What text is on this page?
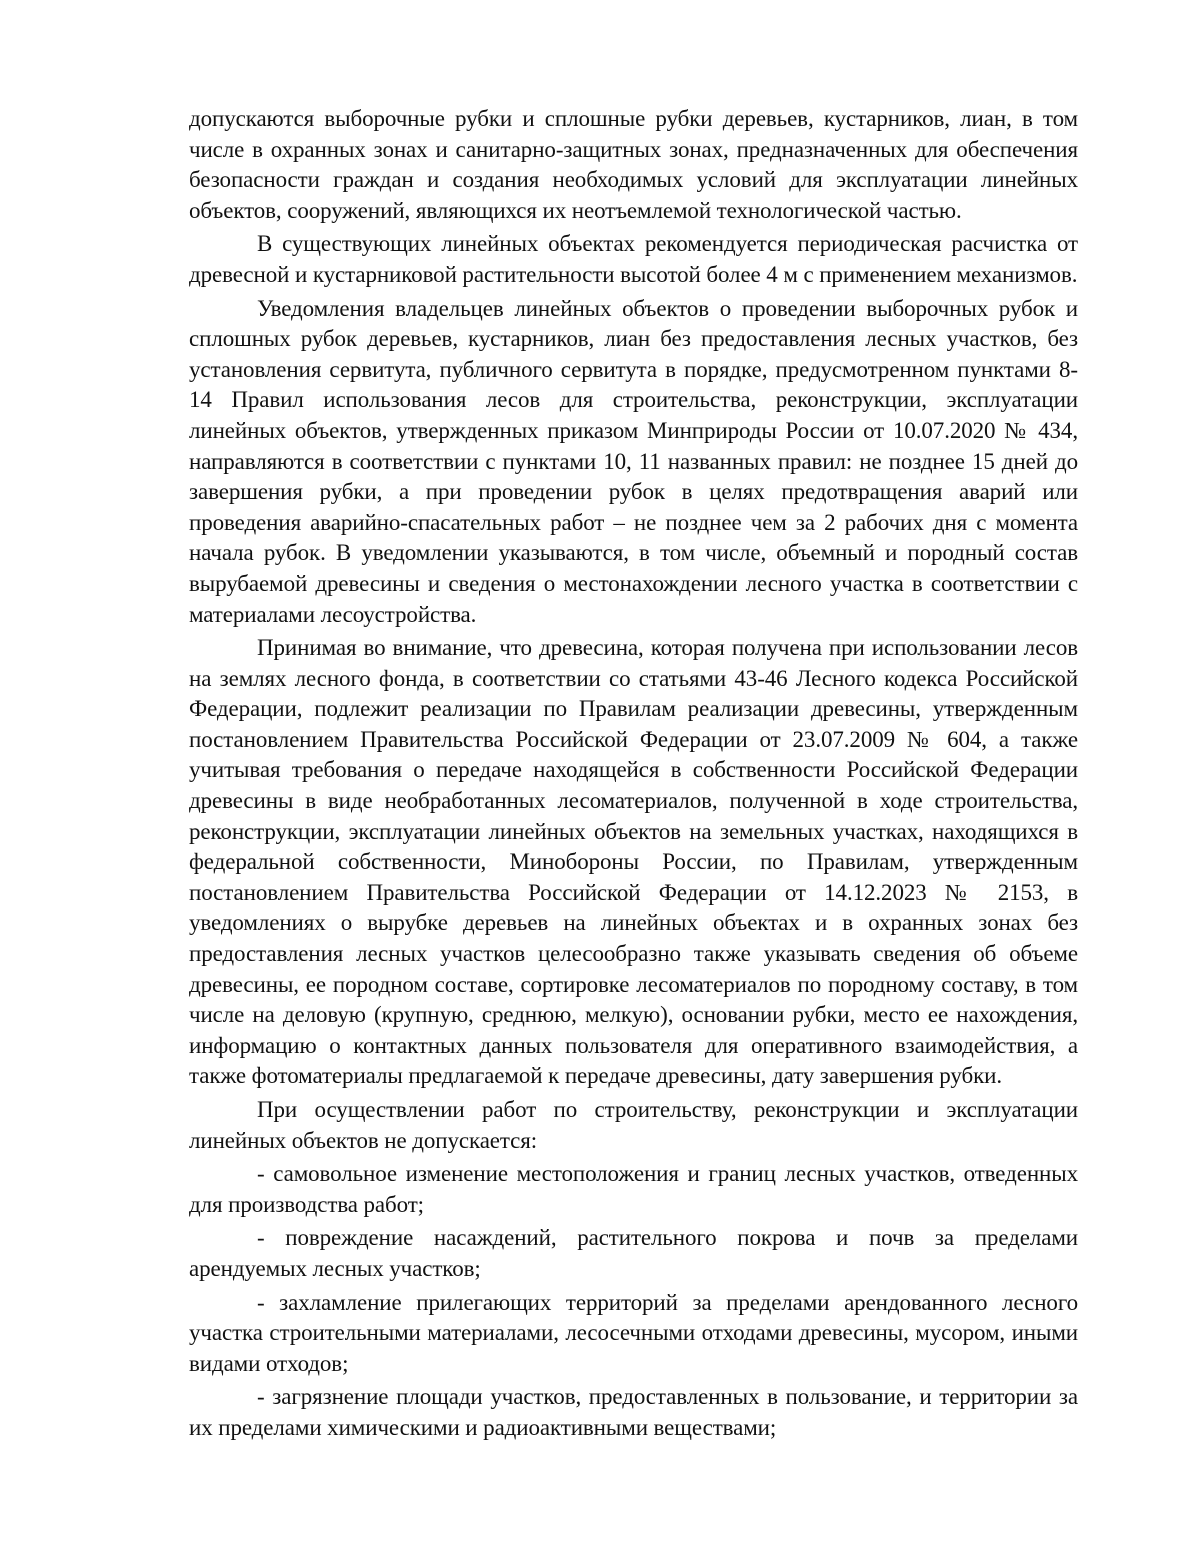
допускаются выборочные рубки и сплошные рубки деревьев, кустарников, лиан, в том числе в охранных зонах и санитарно-защитных зонах, предназначенных для обеспечения безопасности граждан и создания необходимых условий для эксплуатации линейных объектов, сооружений, являющихся их неотъемлемой технологической частью.

В существующих линейных объектах рекомендуется периодическая расчистка от древесной и кустарниковой растительности высотой более 4 м с применением механизмов.

Уведомления владельцев линейных объектов о проведении выборочных рубок и сплошных рубок деревьев, кустарников, лиан без предоставления лесных участков, без установления сервитута, публичного сервитута в порядке, предусмотренном пунктами 8-14 Правил использования лесов для строительства, реконструкции, эксплуатации линейных объектов, утвержденных приказом Минприроды России от 10.07.2020 № 434, направляются в соответствии с пунктами 10, 11 названных правил: не позднее 15 дней до завершения рубки, а при проведении рубок в целях предотвращения аварий или проведения аварийно-спасательных работ – не позднее чем за 2 рабочих дня с момента начала рубок. В уведомлении указываются, в том числе, объемный и породный состав вырубаемой древесины и сведения о местонахождении лесного участка в соответствии с материалами лесоустройства.

Принимая во внимание, что древесина, которая получена при использовании лесов на землях лесного фонда, в соответствии со статьями 43-46 Лесного кодекса Российской Федерации, подлежит реализации по Правилам реализации древесины, утвержденным постановлением Правительства Российской Федерации от 23.07.2009 № 604, а также учитывая требования о передаче находящейся в собственности Российской Федерации древесины в виде необработанных лесоматериалов, полученной в ходе строительства, реконструкции, эксплуатации линейных объектов на земельных участках, находящихся в федеральной собственности, Минобороны России, по Правилам, утвержденным постановлением Правительства Российской Федерации от 14.12.2023 № 2153, в уведомлениях о вырубке деревьев на линейных объектах и в охранных зонах без предоставления лесных участков целесообразно также указывать сведения об объеме древесины, ее породном составе, сортировке лесоматериалов по породному составу, в том числе на деловую (крупную, среднюю, мелкую), основании рубки, место ее нахождения, информацию о контактных данных пользователя для оперативного взаимодействия, а также фотоматериалы предлагаемой к передаче древесины, дату завершения рубки.

При осуществлении работ по строительству, реконструкции и эксплуатации линейных объектов не допускается:

- самовольное изменение местоположения и границ лесных участков, отведенных для производства работ;

- повреждение насаждений, растительного покрова и почв за пределами арендуемых лесных участков;

- захламление прилегающих территорий за пределами арендованного лесного участка строительными материалами, лесосечными отходами древесины, мусором, иными видами отходов;

- загрязнение площади участков, предоставленных в пользование, и территории за их пределами химическими и радиоактивными веществами;
